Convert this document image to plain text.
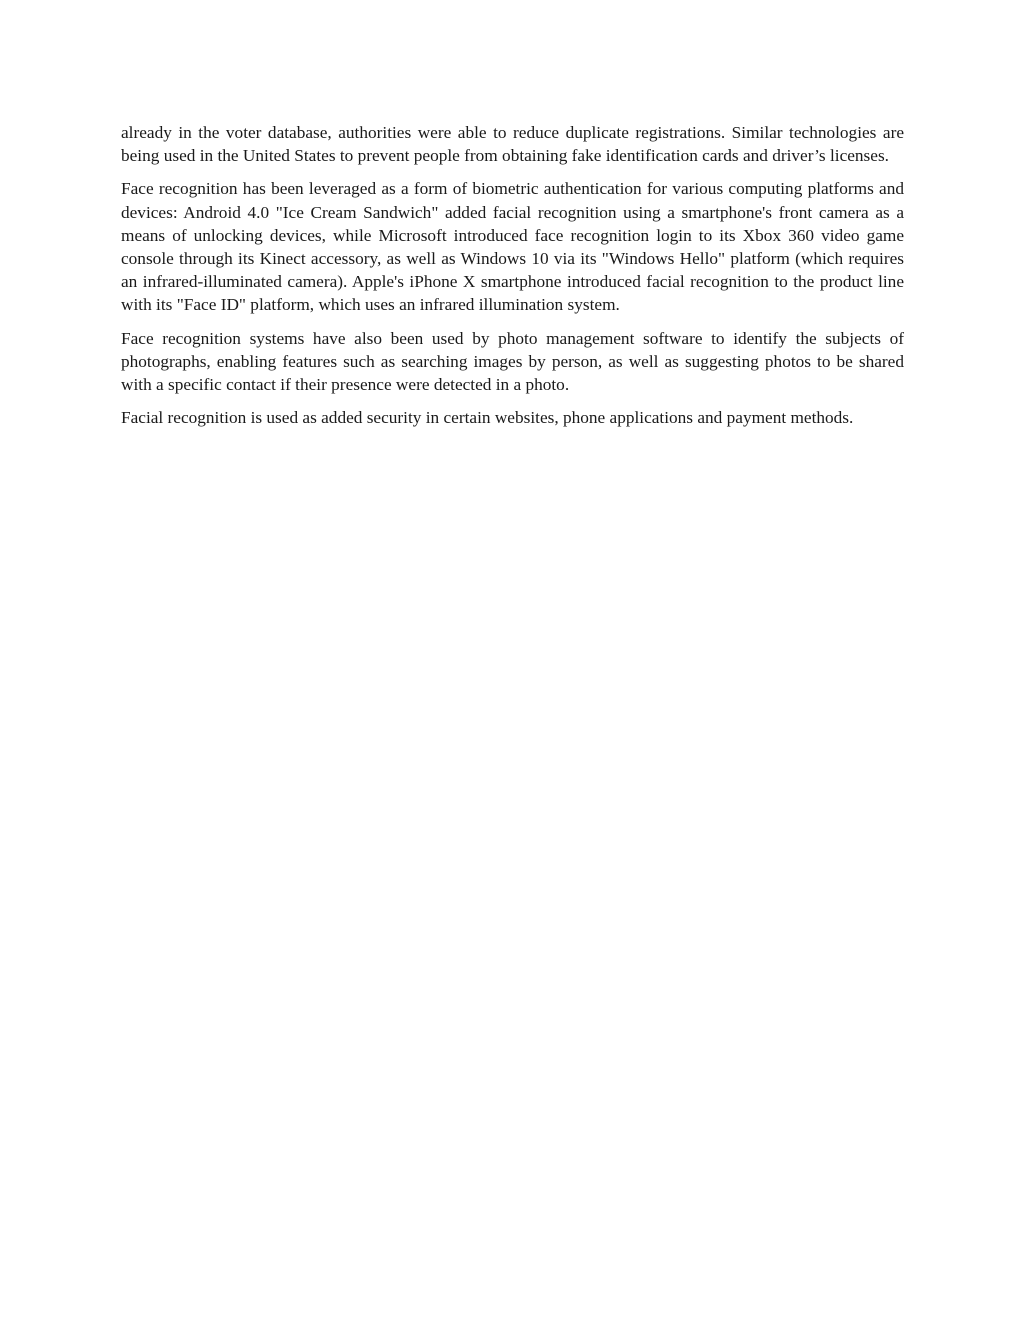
already in the voter database, authorities were able to reduce duplicate registrations. Similar technologies are being used in the United States to prevent people from obtaining fake identification cards and driver’s licenses.

Face recognition has been leveraged as a form of biometric authentication for various computing platforms and devices: Android 4.0 "Ice Cream Sandwich" added facial recognition using a smartphone's front camera as a means of unlocking devices, while Microsoft introduced face recognition login to its Xbox 360 video game console through its Kinect accessory, as well as Windows 10 via its "Windows Hello" platform (which requires an infrared-illuminated camera). Apple's iPhone X smartphone introduced facial recognition to the product line with its "Face ID" platform, which uses an infrared illumination system.

Face recognition systems have also been used by photo management software to identify the subjects of photographs, enabling features such as searching images by person, as well as suggesting photos to be shared with a specific contact if their presence were detected in a photo.

Facial recognition is used as added security in certain websites, phone applications and payment methods.
